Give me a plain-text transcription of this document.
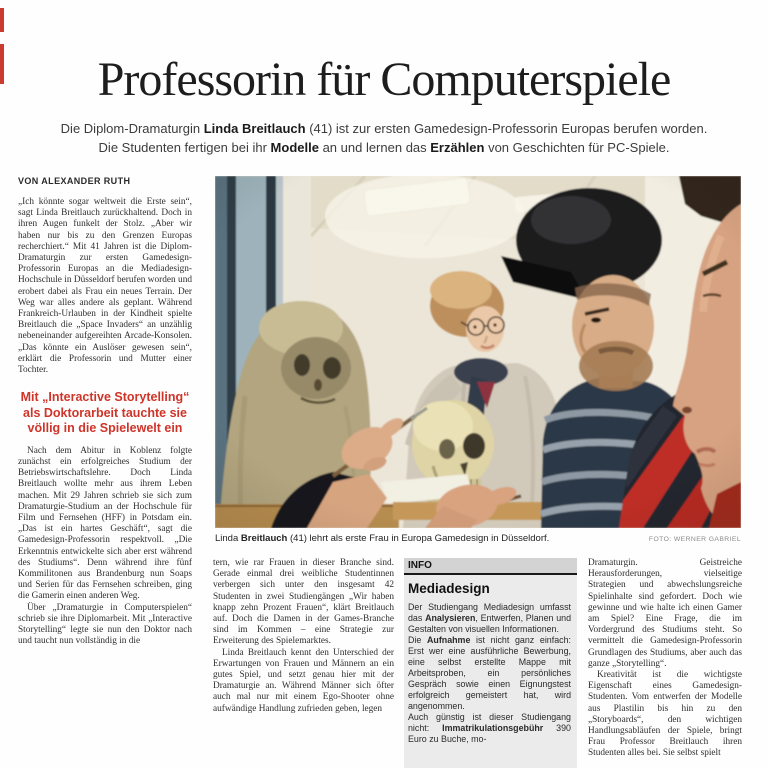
Professorin für Computerspiele

Die Diplom-Dramaturgin Linda Breitlauch (41) ist zur ersten Gamedesign-Professorin Europas berufen worden. Die Studenten fertigen bei ihr Modelle an und lernen das Erzählen von Geschichten für PC-Spiele.

VON ALEXANDER RUTH

„Ich könnte sogar weltweit die Erste sein“, sagt Linda Breitlauch zurückhaltend. Doch in ihren Augen funkelt der Stolz. „Aber wir haben nur bis zu den Grenzen Europas recherchiert.“ Mit 41 Jahren ist die Diplom-Dramaturgin zur ersten Gamedesign-Professorin Europas an die Mediadesign-Hochschule in Düsseldorf berufen worden und erobert dabei als Frau ein neues Terrain. Der Weg war alles andere als geplant. Während Frankreich-Urlauben in der Kindheit spielte Breitlauch die „Space Invaders“ an unzählig nebeneinander aufgereihten Arcade-Konsolen. „Das könnte ein Auslöser gewesen sein“, erklärt die Professorin und Mutter einer Tochter.

Mit „Interactive Storytelling“ als Doktorarbeit tauchte sie völlig in die Spielewelt ein

Nach dem Abitur in Koblenz folgte zunächst ein erfolgreiches Studium der Betriebswirtschaftslehre. Doch Linda Breitlauch wollte mehr aus ihrem Leben machen. Mit 29 Jahren schrieb sie sich zum Dramaturgie-Studium an der Hochschule für Film und Fernsehen (HFF) in Potsdam ein. „Das ist ein hartes Geschäft“, sagt die Gamedesign-Professorin respektvoll. „Die Erkenntnis entwickelte sich aber erst während des Studiums“. Denn während ihre fünf Kommilitonen aus Brandenburg nun Soaps und Serien für das Fernsehen schreiben, ging die Gamerin einen anderen Weg.

Über „Dramaturgie in Computerspielen“ schrieb sie ihre Diplomarbeit. Mit „Interactive Storytelling“ legte sie nun den Doktor nach und taucht nun vollständig in die

Linda Breitlauch (41) lehrt als erste Frau in Europa Gamedesign in Düsseldorf.	FOTO: WERNER GABRIEL

tern, wie rar Frauen in dieser Branche sind. Gerade einmal drei weibliche Studentinnen verbergen sich unter den insgesamt 42 Studenten in zwei Studiengängen „Wir haben knapp zehn Prozent Frauen“, klärt Breitlauch auf. Doch die Damen in der Games-Branche sind im Kommen – eine Strategie zur Erweiterung des Spielemarktes.

Linda Breitlauch kennt den Unterschied der Erwartungen von Frauen und Männern an ein gutes Spiel, und setzt genau hier mit der Dramaturgie an. Während Männer sich öfter auch mal nur mit einem Ego-Shooter ohne aufwändige Handlung zufrieden geben, legen

INFO
Mediadesign

Der Studiengang Mediadesign umfasst das Analysieren, Entwerfen, Planen und Gestalten von visuellen Informationen.

Die Aufnahme ist nicht ganz einfach: Erst wer eine ausführliche Bewerbung, eine selbst erstellte Mappe mit Arbeitsproben, ein persönliches Gespräch sowie einen Eignungstest erfolgreich gemeistert hat, wird angenommen.

Auch günstig ist dieser Studiengang nicht: Immatrikulationsgebühr 390 Euro zu Buche, mo-

Dramaturgin. Geistreiche Herausforderungen, vielseitige Strategien und abwechslungsreiche Spielinhalte sind gefordert. Doch wie gewinne und wie halte ich einen Gamer am Spiel? Eine Frage, die im Vordergrund des Studiums steht. So vermittelt die Gamedesign-Professorin Grundlagen des Studiums, aber auch das ganze „Storytelling“.

Kreativität ist die wichtigste Eigenschaft eines Gamedesign-Studenten. Vom entwerfen der Modelle aus Plastilin bis hin zu den „Storyboards“, den wichtigen Handlungsabläufen der Spiele, bringt Frau Professor Breitlauch ihren Studenten alles bei. Sie selbst spielt
